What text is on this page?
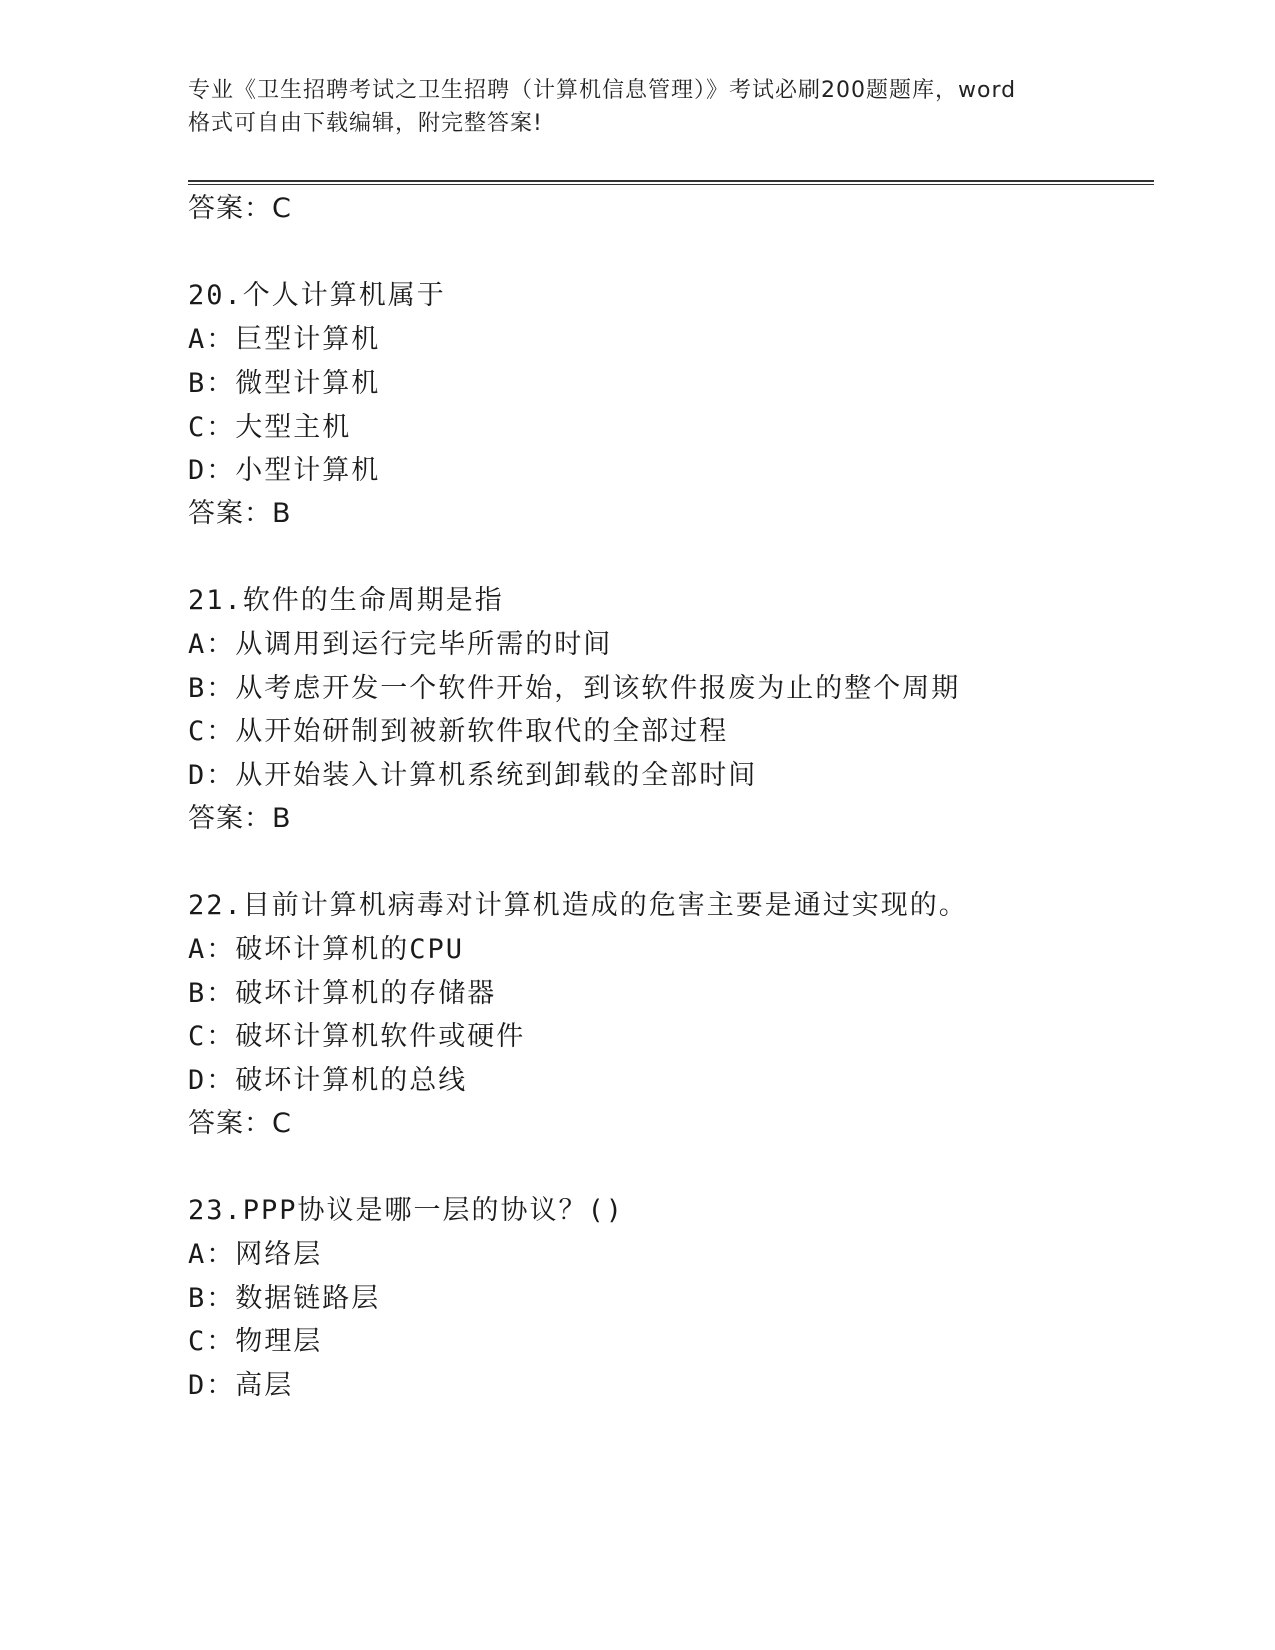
专业《卫生招聘考试之卫生招聘（计算机信息管理）》考试必刷200题题库，word
格式可自由下载编辑，附完整答案!
答案：C
20.个人计算机属于
A：巨型计算机
B：微型计算机
C：大型主机
D：小型计算机
答案：B
21.软件的生命周期是指
A：从调用到运行完毕所需的时间
B：从考虑开发一个软件开始，到该软件报废为止的整个周期
C：从开始研制到被新软件取代的全部过程
D：从开始装入计算机系统到卸载的全部时间
答案：B
22.目前计算机病毒对计算机造成的危害主要是通过实现的。
A：破坏计算机的CPU
B：破坏计算机的存储器
C：破坏计算机软件或硬件
D：破坏计算机的总线
答案：C
23.PPP协议是哪一层的协议？()
A：网络层
B：数据链路层
C：物理层
D：高层
